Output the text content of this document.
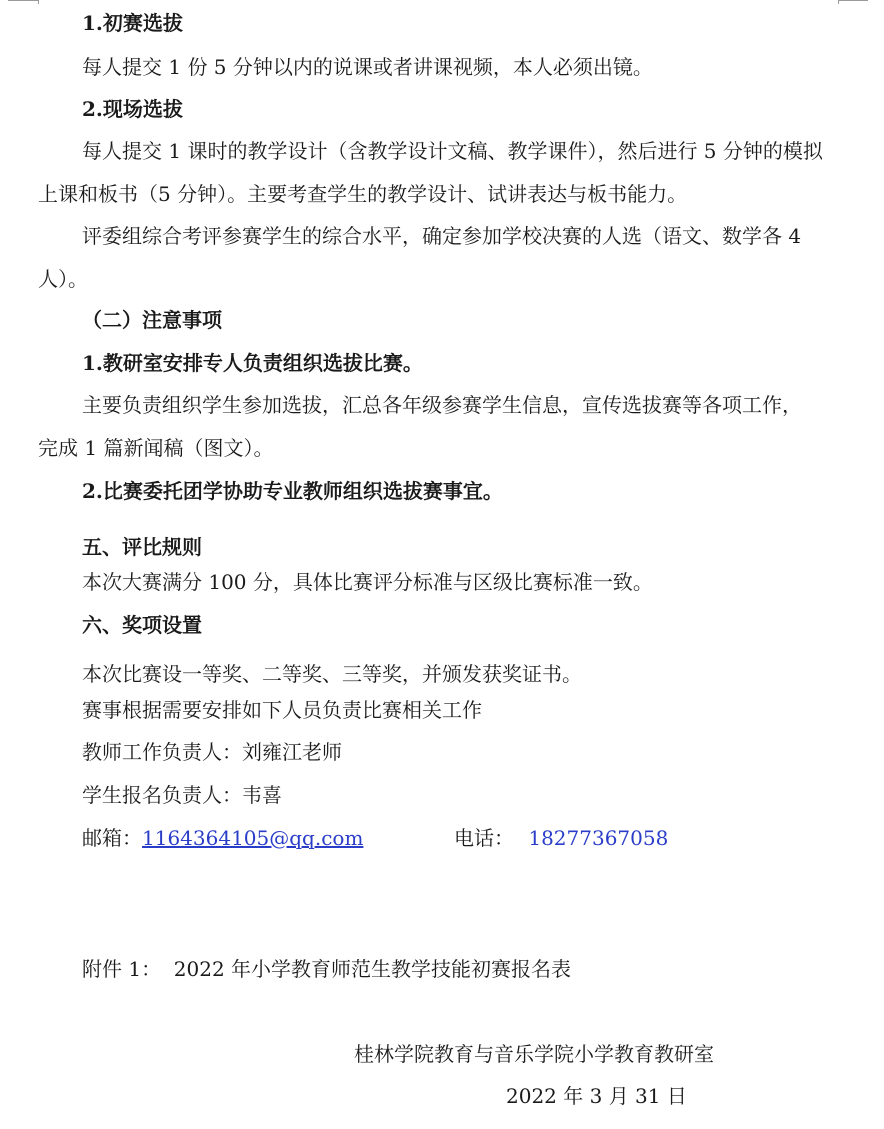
1.初赛选拔
每人提交 1 份 5 分钟以内的说课或者讲课视频，本人必须出镜。
2.现场选拔
每人提交 1 课时的教学设计（含教学设计文稿、教学课件），然后进行 5 分钟的模拟
上课和板书（5 分钟）。主要考查学生的教学设计、试讲表达与板书能力。
评委组综合考评参赛学生的综合水平，确定参加学校决赛的人选（语文、数学各 4
人）。
（二）注意事项
1.教研室安排专人负责组织选拔比赛。
主要负责组织学生参加选拔，汇总各年级参赛学生信息，宣传选拔赛等各项工作，
完成 1 篇新闻稿（图文）。
2.比赛委托团学协助专业教师组织选拔赛事宜。
五、评比规则
本次大赛满分 100 分，具体比赛评分标准与区级比赛标准一致。
六、奖项设置
本次比赛设一等奖、二等奖、三等奖，并颁发获奖证书。
赛事根据需要安排如下人员负责比赛相关工作
教师工作负责人：刘雍江老师
学生报名负责人：韦喜
邮箱：1164364105@qq.com	电话： 18277367058
附件 1：  2022 年小学教育师范生教学技能初赛报名表
桂林学院教育与音乐学院小学教育教研室
2022 年 3 月 31 日
